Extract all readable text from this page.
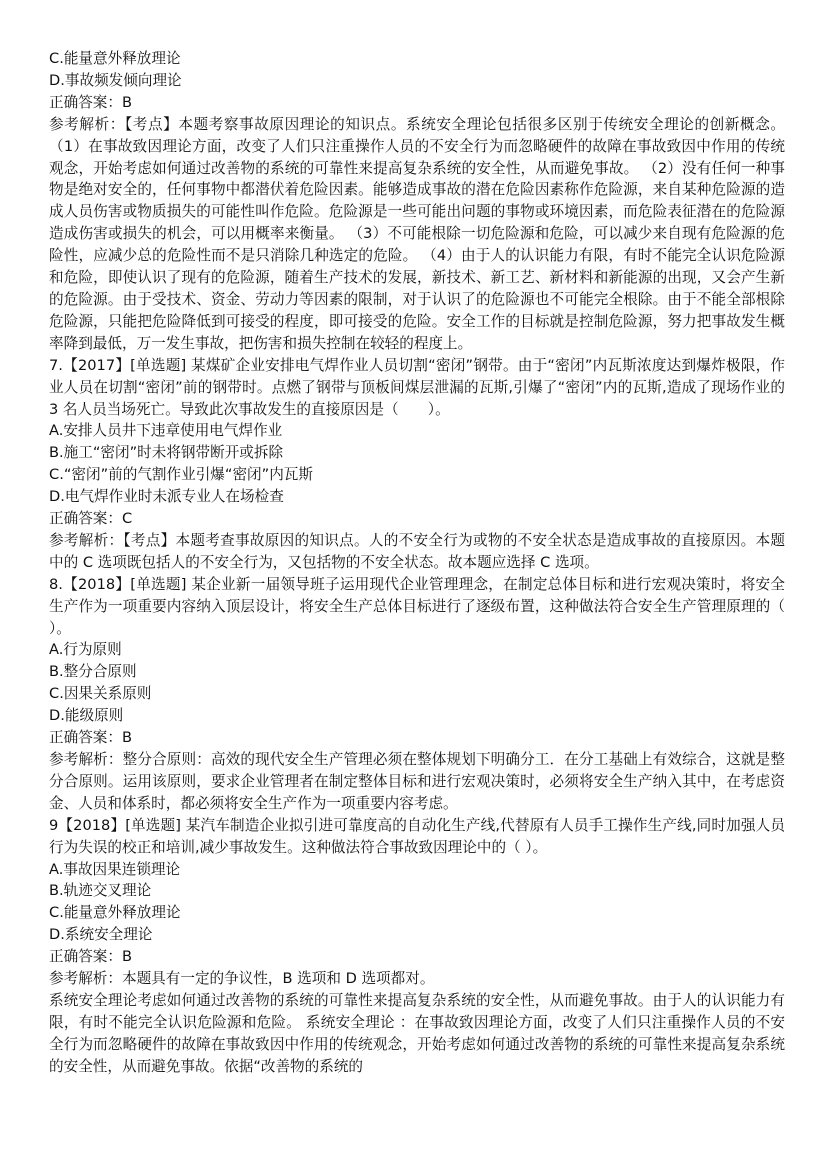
C.能量意外释放理论
D.事故频发倾向理论
正确答案：B
参考解析：【考点】本题考察事故原因理论的知识点。系统安全理论包括很多区别于传统安全理论的创新概念。 （1）在事故致因理论方面，改变了人们只注重操作人员的不安全行为而忽略硬件的故障在事故致因中作用的传统观念，开始考虑如何通过改善物的系统的可靠性来提高复杂系统的安全性，从而避免事故。 （2）没有任何一种事物是绝对安全的，任何事物中都潜伏着危险因素。能够造成事故的潜在危险因素称作危险源，来自某种危险源的造成人员伤害或物质损失的可能性叫作危险。危险源是一些可能出问题的事物或环境因素，而危险表征潜在的危险源造成伤害或损失的机会，可以用概率来衡量。 （3）不可能根除一切危险源和危险，可以减少来自现有危险源的危险性，应减少总的危险性而不是只消除几种选定的危险。 （4）由于人的认识能力有限，有时不能完全认识危险源和危险，即使认识了现有的危险源，随着生产技术的发展，新技术、新工艺、新材料和新能源的出现，又会产生新的危险源。由于受技术、资金、劳动力等因素的限制，对于认识了的危险源也不可能完全根除。由于不能全部根除危险源，只能把危险降低到可接受的程度，即可接受的危险。安全工作的目标就是控制危险源，努力把事故发生概率降到最低，万一发生事故，把伤害和损失控制在较轻的程度上。
7.【2017】[单选题] 某煤矿企业安排电气焊作业人员切割“密闭”钢带。由于“密闭”内瓦斯浓度达到爆炸极限，作业人员在切割“密闭”前的钢带时。点燃了钢带与顶板间煤层泄漏的瓦斯,引爆了“密闭”内的瓦斯,造成了现场作业的 3 名人员当场死亡。导致此次事故发生的直接原因是（　　）。
A.安排人员井下违章使用电气焊作业
B.施工“密闭”时未将钢带断开或拆除
C.“密闭”前的气割作业引爆“密闭”内瓦斯
D.电气焊作业时未派专业人在场检查
正确答案：C
参考解析：【考点】本题考查事故原因的知识点。人的不安全行为或物的不安全状态是造成事故的直接原因。本题中的 C 选项既包括人的不安全行为，又包括物的不安全状态。故本题应选择 C 选项。
8.【2018】[单选题] 某企业新一届领导班子运用现代企业管理理念，在制定总体目标和进行宏观决策时，将安全生产作为一项重要内容纳入顶层设计，将安全生产总体目标进行了逐级布置，这种做法符合安全生产管理原理的（ ）。
A.行为原则
B.整分合原则
C.因果关系原则
D.能级原则
正确答案：B
参考解析：整分合原则：高效的现代安全生产管理必须在整体规划下明确分工．在分工基础上有效综合，这就是整分合原则。运用该原则，要求企业管理者在制定整体目标和进行宏观决策时，必须将安全生产纳入其中，在考虑资金、人员和体系时，都必须将安全生产作为一项重要内容考虑。
9【2018】[单选题] 某汽车制造企业拟引进可靠度高的自动化生产线,代替原有人员手工操作生产线,同时加强人员行为失误的校正和培训,减少事故发生。这种做法符合事故致因理论中的（ ）。
A.事故因果连锁理论
B.轨迹交叉理论
C.能量意外释放理论
D.系统安全理论
正确答案：B
参考解析：本题具有一定的争议性，B 选项和 D 选项都对。
系统安全理论考虑如何通过改善物的系统的可靠性来提高复杂系统的安全性，从而避免事故。由于人的认识能力有限，有时不能完全认识危险源和危险。 系统安全理论 ：在事故致因理论方面，改变了人们只注重操作人员的不安全行为而忽略硬件的故障在事故致因中作用的传统观念，开始考虑如何通过改善物的系统的可靠性来提高复杂系统的安全性，从而避免事故。依据“改善物的系统的
